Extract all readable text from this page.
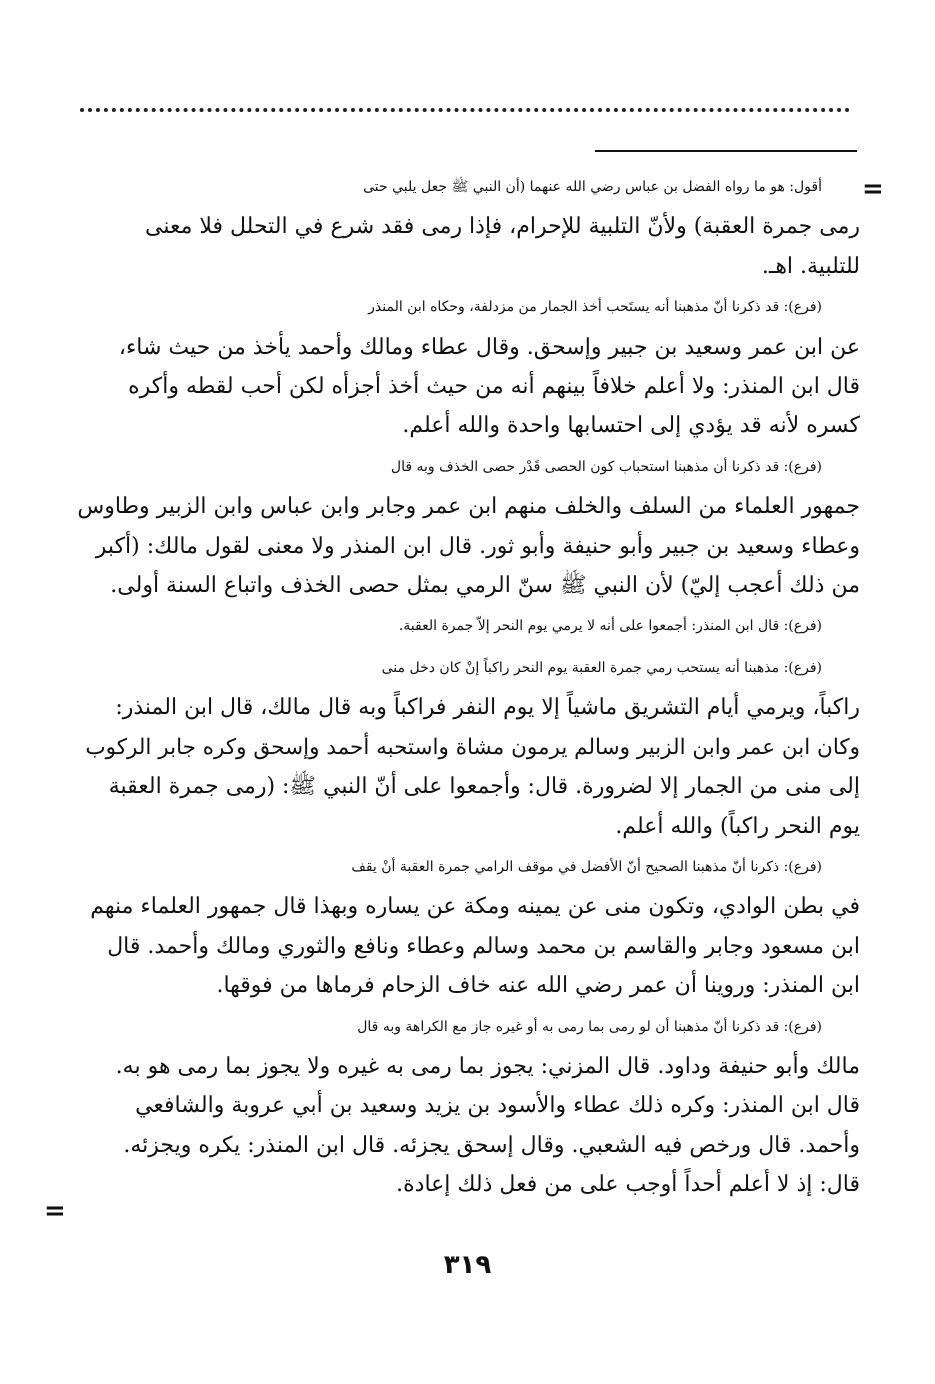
=
أقول: هو ما رواه الفضل بن عباس رضي الله عنهما (أن النبي ﷺ جعل يلبي حتى
رمى جمرة العقبة) ولأنّ التلبية للإحرام، فإذا رمى فقد شرع في التحلل فلا معنى
للتلبية. اهـ.
(فرع): قد ذكرنا أنّ مذهبنا أنه يستَحب أخذ الجمار من مزدلفة، وحكاه ابن المنذر
عن ابن عمر وسعيد بن جبير وإسحق. وقال عطاء ومالك وأحمد يأخذ من حيث شاء،
قال ابن المنذر: ولا أعلم خلافاً بينهم أنه من حيث أخذ أجزأه لكن أحب لقطه وأكره
كسره لأنه قد يؤدي إلى احتسابها واحدة والله أعلم.
(فرع): قد ذكرنا أن مذهبنا استحباب كون الحصى قَدْر حصى الخذف وبه قال
جمهور العلماء من السلف والخلف منهم ابن عمر وجابر وابن عباس وابن الزبير وطاوس
وعطاء وسعيد بن جبير وأبو حنيفة وأبو ثور. قال ابن المنذر ولا معنى لقول مالك: (أكبر
من ذلك أعجب إليّ) لأن النبي ﷺ سنّ الرمي بمثل حصى الخذف واتباع السنة أولى.
(فرع): قال ابن المنذر: أجمعوا على أنه لا يرمي يوم النحر إلاّ جمرة العقبة.
(فرع): مذهبنا أنه يستحب رمي جمرة العقبة يوم النحر راكباً إنْ كان دخل منى
راكباً، ويرمي أيام التشريق ماشياً إلا يوم النفر فراكباً وبه قال مالك، قال ابن المنذر:
وكان ابن عمر وابن الزبير وسالم يرمون مشاة واستحبه أحمد وإسحق وكره جابر الركوب
إلى منى من الجمار إلا لضرورة. قال: وأجمعوا على أنّ النبي ﷺ: (رمى جمرة العقبة
يوم النحر راكباً) والله أعلم.
(فرع): ذكرنا أنّ مذهبنا الصحيح أنّ الأفضل في موقف الرامي جمرة العقبة أنْ يقف
في بطن الوادي، وتكون منى عن يمينه ومكة عن يساره وبهذا قال جمهور العلماء منهم
ابن مسعود وجابر والقاسم بن محمد وسالم وعطاء ونافع والثوري ومالك وأحمد. قال
ابن المنذر: وروينا أن عمر رضي الله عنه خاف الزحام فرماها من فوقها.
(فرع): قد ذكرنا أنّ مذهبنا أن لو رمى بما رمى به أو غيره جاز مع الكراهة وبه قال
مالك وأبو حنيفة وداود. قال المزني: يجوز بما رمى به غيره ولا يجوز بما رمى هو به.
قال ابن المنذر: وكره ذلك عطاء والأسود بن يزيد وسعيد بن أبي عروبة والشافعي
وأحمد. قال ورخص فيه الشعبي. وقال إسحق يجزئه. قال ابن المنذر: يكره ويجزئه.
قال: إذ لا أعلم أحداً أوجب على من فعل ذلك إعادة.
=
٣١٩
